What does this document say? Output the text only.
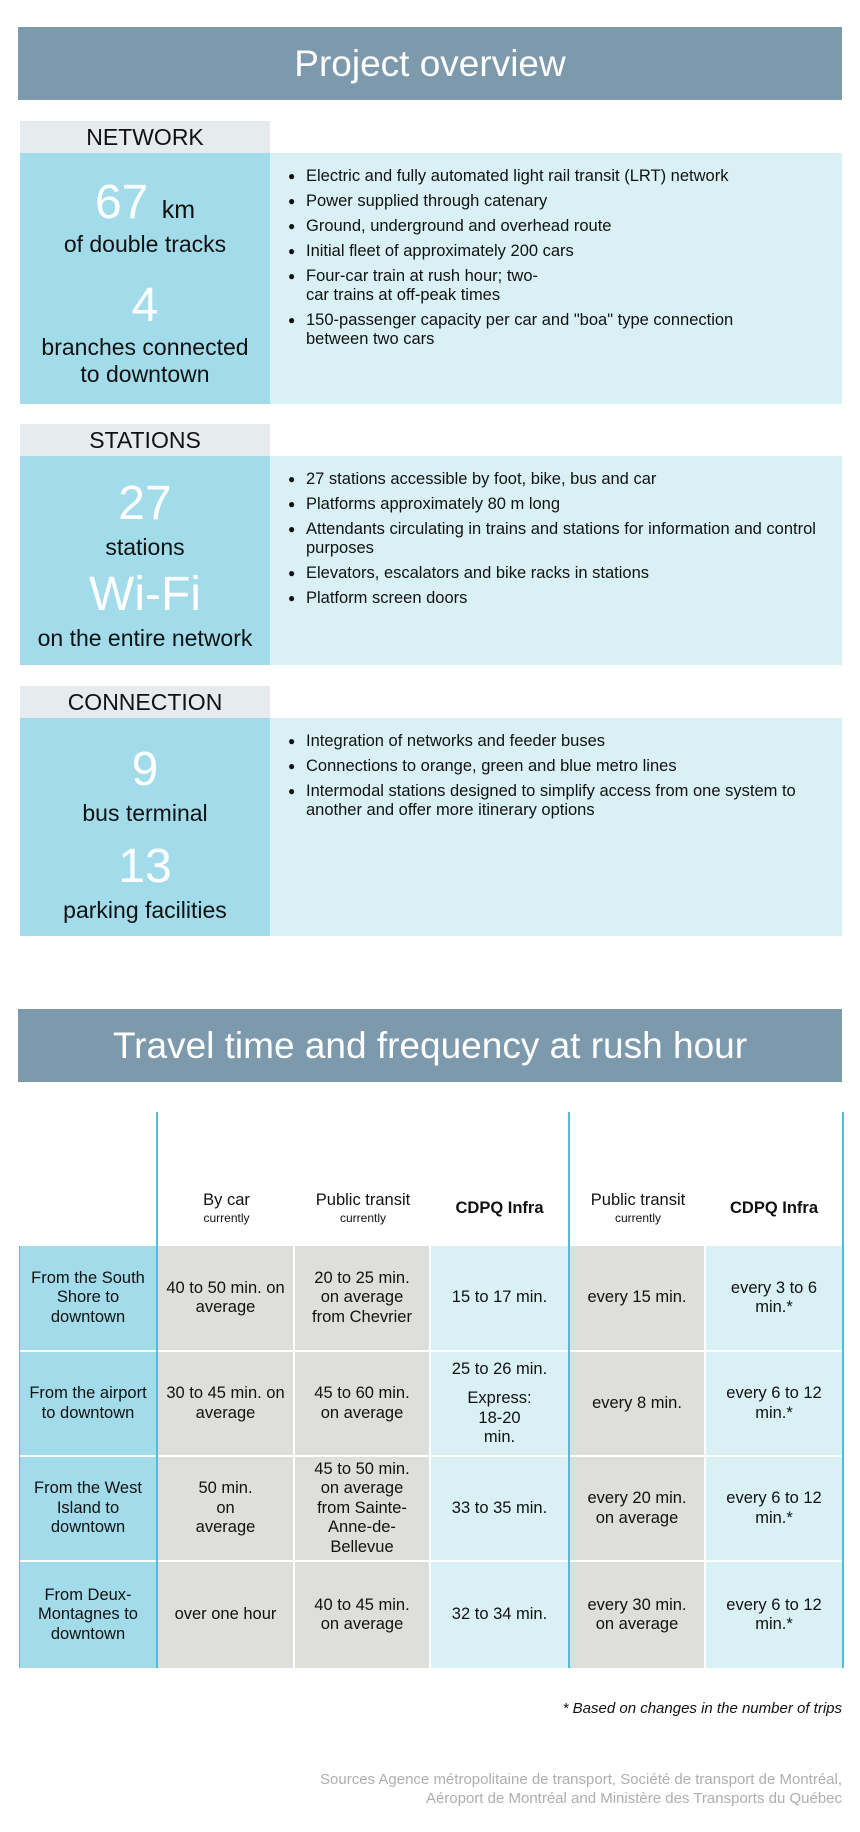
Project overview
NETWORK
67 km
of double tracks
4
branches connected
to downtown
● Electric and fully automated light rail transit (LRT) network
● Power supplied through catenary
● Ground, underground and overhead route
● Initial fleet of approximately 200 cars
● Four-car train at rush hour; two-car trains at off-peak times
● 150-passenger capacity per car and "boa" type connection between two cars
STATIONS
27
stations
Wi-Fi
on the entire network
● 27 stations accessible by foot, bike, bus and car
● Platforms approximately 80 m long
● Attendants circulating in trains and stations for information and control purposes
● Elevators, escalators and bike racks in stations
● Platform screen doors
CONNECTION
9
bus terminal
13
parking facilities
● Integration of networks and feeder buses
● Connections to orange, green and blue metro lines
● Intermodal stations designed to simplify access from one system to another and offer more itinerary options
Travel time and frequency at rush hour
By car
currently
Public transit
currently
CDPQ Infra	Public transit
currently
CDPQ Infra
From the South Shore to downtown
40 to 50 min. on average
20 to 25 min. on average from Chevrier
15 to 17 min.	every 15 min.
every 3 to 6 min.*
From the airport to downtown
30 to 45 min. on average
45 to 60 min. on average
25 to 26 min.
Express: 18-20 min.
every 8 min.
every 6 to 12 min.*
From the West Island to downtown
50 min. on average
45 to 50 min. on average from Sainte-Anne-de-Bellevue
33 to 35 min.
every 20 min. on average
every 6 to 12 min.*
From Deux-Montagnes to downtown
over one hour
40 to 45 min. on average
32 to 34 min.
every 30 min. on average
every 6 to 12 min.*
* Based on changes in the number of trips
Sources Agence métropolitaine de transport, Société de transport de Montréal,
Aéroport de Montréal and Ministère des Transports du Québec
